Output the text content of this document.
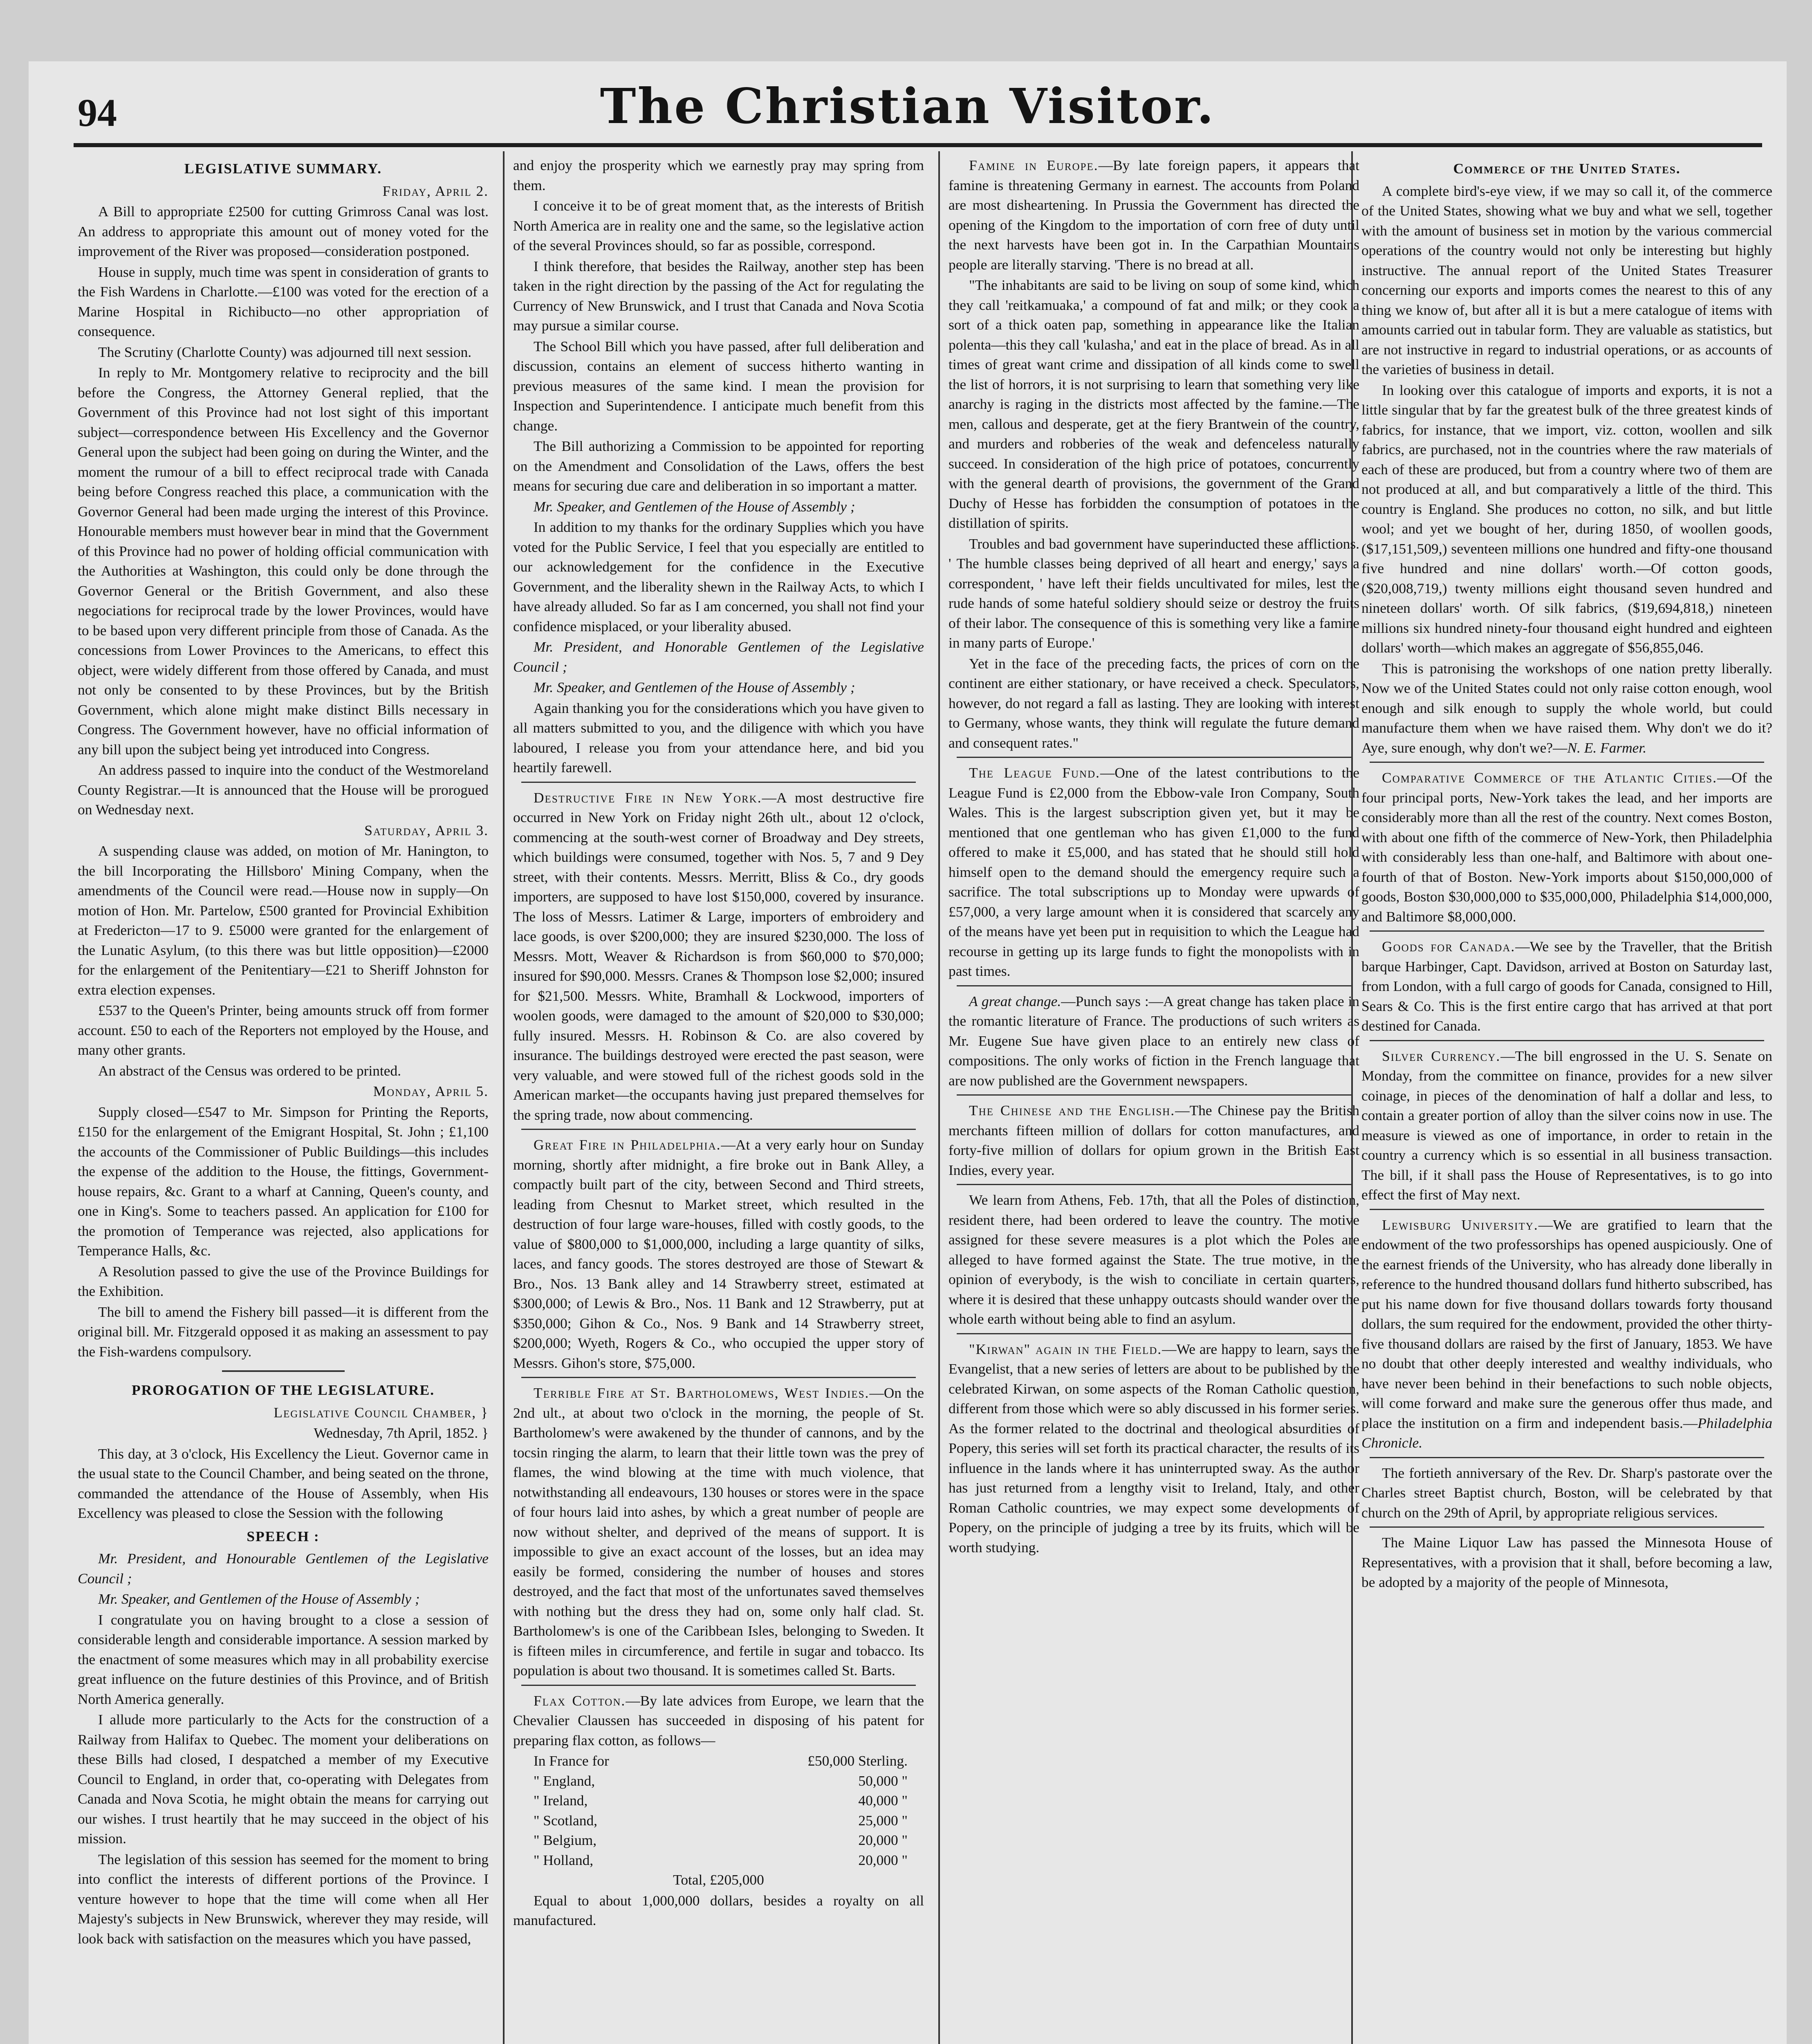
94	The Christian Visitor.
LEGISLATIVE SUMMARY.

Friday, April 2.

A Bill to appropriate £2500 for cutting Grimross Canal was lost. An address to appropriate this amount out of money voted for the improvement of the River was proposed—consideration postponed.

House in supply, much time was spent in consideration of grants to the Fish Wardens in Charlotte.—£100 was voted for the erection of a Marine Hospital in Richibucto—no other appropriation of consequence.

The Scrutiny (Charlotte County) was adjourned till next session.

In reply to Mr. Montgomery relative to reciprocity and the bill before the Congress, the Attorney General replied, that the Government of this Province had not lost sight of this important subject—correspondence between His Excellency and the Governor General upon the subject had been going on during the Winter, and the moment the rumour of a bill to effect reciprocal trade with Canada being before Congress reached this place, a communication with the Governor General had been made urging the interest of this Province. Honourable members must however bear in mind that the Government of this Province had no power of holding official communication with the Authorities at Washington, this could only be done through the Governor General or the British Government, and also these negociations for reciprocal trade by the lower Provinces, would have to be based upon very different principle from those of Canada. As the concessions from Lower Provinces to the Americans, to effect this object, were widely different from those offered by Canada, and must not only be consented to by these Provinces, but by the British Government, which alone might make distinct Bills necessary in Congress. The Government however, have no official information of any bill upon the subject being yet introduced into Congress.

An address passed to inquire into the conduct of the Westmoreland County Registrar.—It is announced that the House will be prorogued on Wednesday next.

Saturday, April 3.

A suspending clause was added, on motion of Mr. Hanington, to the bill Incorporating the Hillsboro' Mining Company, when the amendments of the Council were read.—House now in supply—On motion of Hon. Mr. Partelow, £500 granted for Provincial Exhibition at Fredericton—17 to 9. £5000 were granted for the enlargement of the Lunatic Asylum, (to this there was but little opposition)—£2000 for the enlargement of the Penitentiary—£21 to Sheriff Johnston for extra election expenses.

£537 to the Queen's Printer, being amounts struck off from former account. £50 to each of the Reporters not employed by the House, and many other grants.

An abstract of the Census was ordered to be printed.

Monday, April 5.

Supply closed—£547 to Mr. Simpson for Printing the Reports, £150 for the enlargement of the Emigrant Hospital, St. John ; £1,100 the accounts of the Commissioner of Public Buildings—this includes the expense of the addition to the House, the fittings, Government-house repairs, &c. Grant to a wharf at Canning, Queen's county, and one in King's. Some to teachers passed. An application for £100 for the promotion of Temperance was rejected, also applications for Temperance Halls, &c.

A Resolution passed to give the use of the Province Buildings for the Exhibition.

The bill to amend the Fishery bill passed—it is different from the original bill. Mr. Fitzgerald opposed it as making an assessment to pay the Fish-wardens compulsory.

PROROGATION OF THE LEGISLATURE.

Legislative Council Chamber, }

Wednesday, 7th April, 1852. }

This day, at 3 o'clock, His Excellency the Lieut. Governor came in the usual state to the Council Chamber, and being seated on the throne, commanded the attendance of the House of Assembly, when His Excellency was pleased to close the Session with the following

SPEECH :

Mr. President, and Honourable Gentlemen of the Legislative Council ;

Mr. Speaker, and Gentlemen of the House of Assembly ;

I congratulate you on having brought to a close a session of considerable length and considerable importance. A session marked by the enactment of some measures which may in all probability exercise great influence on the future destinies of this Province, and of British North America generally.

I allude more particularly to the Acts for the construction of a Railway from Halifax to Quebec. The moment your deliberations on these Bills had closed, I despatched a member of my Executive Council to England, in order that, co-operating with Delegates from Canada and Nova Scotia, he might obtain the means for carrying out our wishes. I trust heartily that he may succeed in the object of his mission.

The legislation of this session has seemed for the moment to bring into conflict the interests of different portions of the Province. I venture however to hope that the time will come when all Her Majesty's subjects in New Brunswick, wherever they may reside, will look back with satisfaction on the measures which you have passed,

and enjoy the prosperity which we earnestly pray may spring from them.

I conceive it to be of great moment that, as the interests of British North America are in reality one and the same, so the legislative action of the several Provinces should, so far as possible, correspond.

I think therefore, that besides the Railway, another step has been taken in the right direction by the passing of the Act for regulating the Currency of New Brunswick, and I trust that Canada and Nova Scotia may pursue a similar course.

The School Bill which you have passed, after full deliberation and discussion, contains an element of success hitherto wanting in previous measures of the same kind. I mean the provision for Inspection and Superintendence. I anticipate much benefit from this change.

The Bill authorizing a Commission to be appointed for reporting on the Amendment and Consolidation of the Laws, offers the best means for securing due care and deliberation in so important a matter.

Mr. Speaker, and Gentlemen of the House of Assembly ;

In addition to my thanks for the ordinary Supplies which you have voted for the Public Service, I feel that you especially are entitled to our acknowledgement for the confidence in the Executive Government, and the liberality shewn in the Railway Acts, to which I have already alluded. So far as I am concerned, you shall not find your confidence misplaced, or your liberality abused.

Mr. President, and Honorable Gentlemen of the Legislative Council ;

Mr. Speaker, and Gentlemen of the House of Assembly ;

Again thanking you for the considerations which you have given to all matters submitted to you, and the diligence with which you have laboured, I release you from your attendance here, and bid you heartily farewell.

Destructive Fire in New York.—A most destructive fire occurred in New York on Friday night 26th ult., about 12 o'clock, commencing at the south-west corner of Broadway and Dey streets, which buildings were consumed, together with Nos. 5, 7 and 9 Dey street, with their contents. Messrs. Merritt, Bliss & Co., dry goods importers, are supposed to have lost $150,000, covered by insurance. The loss of Messrs. Latimer & Large, importers of embroidery and lace goods, is over $200,000; they are insured $230,000. The loss of Messrs. Mott, Weaver & Richardson is from $60,000 to $70,000; insured for $90,000. Messrs. Cranes & Thompson lose $2,000; insured for $21,500. Messrs. White, Bramhall & Lockwood, importers of woolen goods, were damaged to the amount of $20,000 to $30,000; fully insured. Messrs. H. Robinson & Co. are also covered by insurance. The buildings destroyed were erected the past season, were very valuable, and were stowed full of the richest goods sold in the American market—the occupants having just prepared themselves for the spring trade, now about commencing.

Great Fire in Philadelphia.—At a very early hour on Sunday morning, shortly after midnight, a fire broke out in Bank Alley, a compactly built part of the city, between Second and Third streets, leading from Chesnut to Market street, which resulted in the destruction of four large ware-houses, filled with costly goods, to the value of $800,000 to $1,000,000, including a large quantity of silks, laces, and fancy goods. The stores destroyed are those of Stewart & Bro., Nos. 13 Bank alley and 14 Strawberry street, estimated at $300,000; of Lewis & Bro., Nos. 11 Bank and 12 Strawberry, put at $350,000; Gihon & Co., Nos. 9 Bank and 14 Strawberry street, $200,000; Wyeth, Rogers & Co., who occupied the upper story of Messrs. Gihon's store, $75,000.

Terrible Fire at St. Bartholomews, West Indies.—On the 2nd ult., at about two o'clock in the morning, the people of St. Bartholomew's were awakened by the thunder of cannons, and by the tocsin ringing the alarm, to learn that their little town was the prey of flames, the wind blowing at the time with much violence, that notwithstanding all endeavours, 130 houses or stores were in the space of four hours laid into ashes, by which a great number of people are now without shelter, and deprived of the means of support. It is impossible to give an exact account of the losses, but an idea may easily be formed, considering the number of houses and stores destroyed, and the fact that most of the unfortunates saved themselves with nothing but the dress they had on, some only half clad. St. Bartholomew's is one of the Caribbean Isles, belonging to Sweden. It is fifteen miles in circumference, and fertile in sugar and tobacco. Its population is about two thousand. It is sometimes called St. Barts.

Flax Cotton.—By late advices from Europe, we learn that the Chevalier Claussen has succeeded in disposing of his patent for preparing flax cotton, as follows—

In France for	£50,000 Sterling.
" England,	50,000 "
" Ireland,	40,000 "
" Scotland,	25,000 "
" Belgium,	20,000 "
" Holland,	20,000 "

Total, £205,000

Equal to about 1,000,000 dollars, besides a royalty on all manufactured.

Famine in Europe.—By late foreign papers, it appears that famine is threatening Germany in earnest. The accounts from Poland are most disheartening. In Prussia the Government has directed the opening of the Kingdom to the importation of corn free of duty until the next harvests have been got in. In the Carpathian Mountains people are literally starving. 'There is no bread at all.

"The inhabitants are said to be living on soup of some kind, which they call 'reitkamuaka,' a compound of fat and milk; or they cook a sort of a thick oaten pap, something in appearance like the Italian polenta—this they call 'kulasha,' and eat in the place of bread. As in all times of great want crime and dissipation of all kinds come to swell the list of horrors, it is not surprising to learn that something very like anarchy is raging in the districts most affected by the famine.—The men, callous and desperate, get at the fiery Brantwein of the country, and murders and robberies of the weak and defenceless naturally succeed. In consideration of the high price of potatoes, concurrently with the general dearth of provisions, the government of the Grand Duchy of Hesse has forbidden the consumption of potatoes in the distillation of spirits.

Troubles and bad government have superinducted these afflictions. ' The humble classes being deprived of all heart and energy,' says a correspondent, ' have left their fields uncultivated for miles, lest the rude hands of some hateful soldiery should seize or destroy the fruits of their labor. The consequence of this is something very like a famine in many parts of Europe.'

Yet in the face of the preceding facts, the prices of corn on the continent are either stationary, or have received a check. Speculators, however, do not regard a fall as lasting. They are looking with interest to Germany, whose wants, they think will regulate the future demand and consequent rates."

The League Fund.—One of the latest contributions to the League Fund is £2,000 from the Ebbow-vale Iron Company, South Wales. This is the largest subscription given yet, but it may be mentioned that one gentleman who has given £1,000 to the fund offered to make it £5,000, and has stated that he should still hold himself open to the demand should the emergency require such a sacrifice. The total subscriptions up to Monday were upwards of £57,000, a very large amount when it is considered that scarcely any of the means have yet been put in requisition to which the League had recourse in getting up its large funds to fight the monopolists with in past times.

A great change.—Punch says :—A great change has taken place in the romantic literature of France. The productions of such writers as Mr. Eugene Sue have given place to an entirely new class of compositions. The only works of fiction in the French language that are now published are the Government newspapers.

The Chinese and the English.—The Chinese pay the British merchants fifteen million of dollars for cotton manufactures, and forty-five million of dollars for opium grown in the British East Indies, every year.

We learn from Athens, Feb. 17th, that all the Poles of distinction, resident there, had been ordered to leave the country. The motive assigned for these severe measures is a plot which the Poles are alleged to have formed against the State. The true motive, in the opinion of everybody, is the wish to conciliate in certain quarters, where it is desired that these unhappy outcasts should wander over the whole earth without being able to find an asylum.

"Kirwan" again in the Field.—We are happy to learn, says the Evangelist, that a new series of letters are about to be published by the celebrated Kirwan, on some aspects of the Roman Catholic question, different from those which were so ably discussed in his former series. As the former related to the doctrinal and theological absurdities of Popery, this series will set forth its practical character, the results of its influence in the lands where it has uninterrupted sway. As the author has just returned from a lengthy visit to Ireland, Italy, and other Roman Catholic countries, we may expect some developments of Popery, on the principle of judging a tree by its fruits, which will be worth studying.

Commerce of the United States.

A complete bird's-eye view, if we may so call it, of the commerce of the United States, showing what we buy and what we sell, together with the amount of business set in motion by the various commercial operations of the country would not only be interesting but highly instructive. The annual report of the United States Treasurer concerning our exports and imports comes the nearest to this of any thing we know of, but after all it is but a mere catalogue of items with amounts carried out in tabular form. They are valuable as statistics, but are not instructive in regard to industrial operations, or as accounts of the varieties of business in detail.

In looking over this catalogue of imports and exports, it is not a little singular that by far the greatest bulk of the three greatest kinds of fabrics, for instance, that we import, viz. cotton, woollen and silk fabrics, are purchased, not in the countries where the raw materials of each of these are produced, but from a country where two of them are not produced at all, and but comparatively a little of the third. This country is England. She produces no cotton, no silk, and but little wool; and yet we bought of her, during 1850, of woollen goods, ($17,151,509,) seventeen millions one hundred and fifty-one thousand five hundred and nine dollars' worth.—Of cotton goods, ($20,008,719,) twenty millions eight thousand seven hundred and nineteen dollars' worth. Of silk fabrics, ($19,694,818,) nineteen millions six hundred ninety-four thousand eight hundred and eighteen dollars' worth—which makes an aggregate of $56,855,046.

This is patronising the workshops of one nation pretty liberally. Now we of the United States could not only raise cotton enough, wool enough and silk enough to supply the whole world, but could manufacture them when we have raised them. Why don't we do it? Aye, sure enough, why don't we?—N. E. Farmer.

Comparative Commerce of the Atlantic Cities.—Of the four principal ports, New-York takes the lead, and her imports are considerably more than all the rest of the country. Next comes Boston, with about one fifth of the commerce of New-York, then Philadelphia with considerably less than one-half, and Baltimore with about one-fourth of that of Boston. New-York imports about $150,000,000 of goods, Boston $30,000,000 to $35,000,000, Philadelphia $14,000,000, and Baltimore $8,000,000.

Goods for Canada.—We see by the Traveller, that the British barque Harbinger, Capt. Davidson, arrived at Boston on Saturday last, from London, with a full cargo of goods for Canada, consigned to Hill, Sears & Co. This is the first entire cargo that has arrived at that port destined for Canada.

Silver Currency.—The bill engrossed in the U. S. Senate on Monday, from the committee on finance, provides for a new silver coinage, in pieces of the denomination of half a dollar and less, to contain a greater portion of alloy than the silver coins now in use. The measure is viewed as one of importance, in order to retain in the country a currency which is so essential in all business transaction. The bill, if it shall pass the House of Representatives, is to go into effect the first of May next.

Lewisburg University.—We are gratified to learn that the endowment of the two professorships has opened auspiciously. One of the earnest friends of the University, who has already done liberally in reference to the hundred thousand dollars fund hitherto subscribed, has put his name down for five thousand dollars towards forty thousand dollars, the sum required for the endowment, provided the other thirty-five thousand dollars are raised by the first of January, 1853. We have no doubt that other deeply interested and wealthy individuals, who have never been behind in their benefactions to such noble objects, will come forward and make sure the generous offer thus made, and place the institution on a firm and independent basis.—Philadelphia Chronicle.

The fortieth anniversary of the Rev. Dr. Sharp's pastorate over the Charles street Baptist church, Boston, will be celebrated by that church on the 29th of April, by appropriate religious services.

The Maine Liquor Law has passed the Minnesota House of Representatives, with a provision that it shall, before becoming a law, be adopted by a majority of the people of Minnesota,
